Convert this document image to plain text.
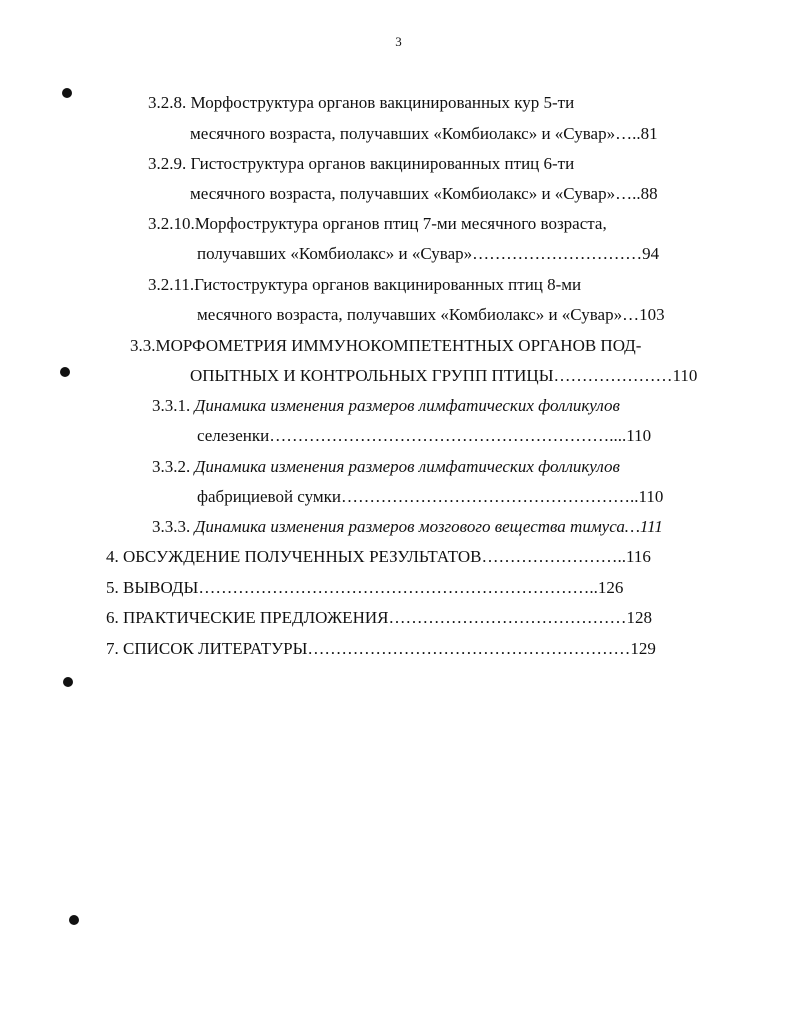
3
3.2.8. Морфоструктура органов вакцинированных кур 5-ти
месячного возраста, получавших «Комбиолакс» и «Сувар»…..81
3.2.9. Гистоструктура органов вакцинированных птиц 6-ти
месячного возраста, получавших «Комбиолакс» и «Сувар»…..88
3.2.10.Морфоструктура органов птиц 7-ми месячного возраста,
получавших «Комбиолакс» и «Сувар»…………………………94
3.2.11.Гистоструктура органов вакцинированных птиц 8-ми
месячного возраста, получавших «Комбиолакс» и «Сувар»…103
3.3.МОРФОМЕТРИЯ ИММУНОКОМПЕТЕНТНЫХ ОРГАНОВ ПОД-
ОПЫТНЫХ И КОНТРОЛЬНЫХ ГРУПП ПТИЦЫ…………………110
3.3.1. Динамика изменения размеров лимфатических фолликулов
селезенки……………………………………………………....110
3.3.2. Динамика изменения размеров лимфатических фолликулов
фабрициевой сумки……………………………………………..110
3.3.3. Динамика изменения размеров мозгового вещества тимуса…111
4. ОБСУЖДЕНИЕ ПОЛУЧЕННЫХ РЕЗУЛЬТАТОВ……………………..116
5. ВЫВОДЫ……………………………………………………………..126
6. ПРАКТИЧЕСКИЕ ПРЕДЛОЖЕНИЯ……………………………………128
7. СПИСОК ЛИТЕРАТУРЫ…………………………………………………129
